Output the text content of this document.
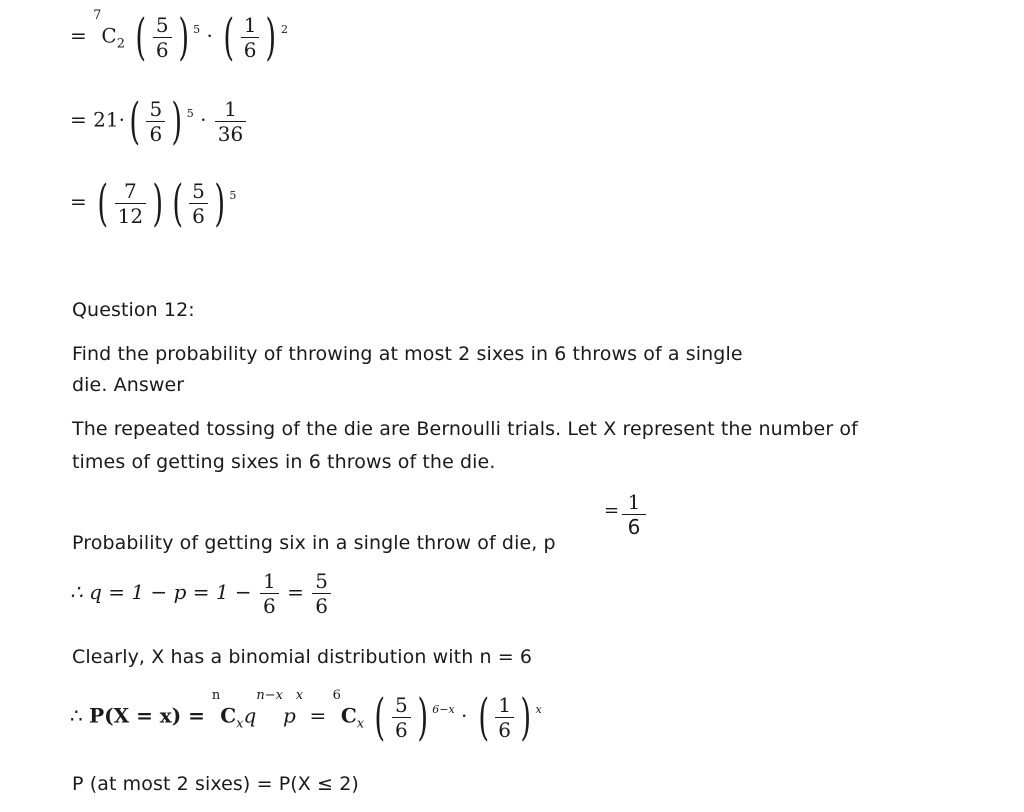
= $^7C_2$ ( $\frac{5}{6}$ ) $^5$ · ( $\frac{1}{6}$ ) $^2$
= $21\cdot( \frac{5}{6}$ ) $^5 \cdot \frac{1}{36}$
= ( $\frac{7}{12}$ ) ( $\frac{5}{6}$ ) $^5$
Question 12:
Find the probability of throwing at most 2 sixes in 6 throws of a single
die. Answer
The repeated tossing of the die are Bernoulli trials. Let X represent the number of
times of getting sixes in 6 throws of the die.
Probability of getting six in a single throw of die, p
= $\frac{1}{6}$
∴ $q = 1 - p = 1 - \frac{1}{6} = \frac{5}{6}$
Clearly, X has a binomial distribution with n = 6
∴ $P(X = x) = ^nC_xq^{n-x}p^x = ^6C_x$ ( $\frac{5}{6}$ ) $^{6-x}$ · ( $\frac{1}{6}$ ) $^x$
P (at most 2 sixes) = P(X ≤ 2)
